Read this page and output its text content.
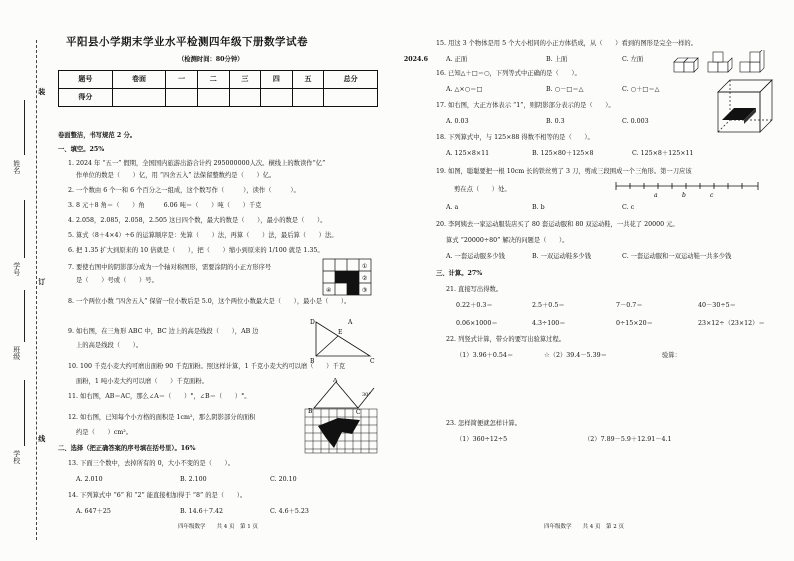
装
订
线
姓名
学号
班级
学校
平阳县小学期末学业水平检测四年级下册数学试卷
（检测时间：80分钟）	2024.6
题号	卷面	一	二	三	四	五	总分
得分							
卷面整洁，书写规范 2 分。
一、填空。25%
1. 2024 年 “五一” 假期，全国国内旅游出游合计约 295000000人次。横线上的数读作“亿”
作单位的数是（　　）亿，用 “四舍五入” 法保留整数约是（　　）亿。
2. 一个数由 6 个一和 6 个百分之一组成，这个数写作（　　　），读作（　　　）。
3. 8 元＋8 角＝（　　）角　　　6.06 吨＝（　　）吨（　　）千克
4. 2.058，2.085，2.058，2.505 这日四个数，最大的数是（　　），最小的数是（　　）。
5. 算式（8＋4×4）÷6 的运算顺序是：先算（　　）法，再算（　　）法，最后算（　　）法。
6. 把 1.35 扩大到原来的 10 倍就是（　　），把（　　）缩小到原来的 1/100 就是 1.35。
7. 要使右图中的阴影部分成为一个轴对称图形，需要涂阴的小正方形序号
是（　　）号或（　　）号。
①
②
③
④
8. 一个两位小数 “四舍五入” 保留一位小数后是 5.0，这个两位小数最大是（　　），最小是（　　）。
9. 如右图，在三角形 ABC 中，BC 边上的高是线段（　　），AB 边
上的高是线段（　　）。
D	A
B	C
E
10. 100 千克小麦大约可磨出面粉 90 千克面粉。照这样计算，1 千克小麦大约可以磨（　　）千克
面粉，1 吨小麦大约可以磨（　　）千克面粉。
11. 如右图，AB＝AC，那么∠A＝（　　）°，∠B＝（　　）°。
A
B	C
30°
12. 如右图，已知每个小方格的面积是 1cm²，那么阴影部分的面积
约是（　　）cm²。
二、选择（把正确答案的序号填在括号里）。16%
13. 下面三个数中，去掉所有的 0，大小不变的是（　　）。
A. 2.010	B. 2.100	C. 20.10
14. 下列算式中 “6” 和 “2” 能直接相加得于 “8” 的是（　　）。
A. 647＋25	B. 14.6＋7.42	C. 4.6＋5.23
四年级数学　　共 4 页　第 1 页
15. 用这 3 个物体是用 5 个大小相同的小正方体搭成，从（　　）看到的图形是完全一样的。
A. 正面	B. 上面	C. 左面
16. 已知△＋□＝○，下列等式中正确的是（　　）。
A. △×○＝□	B. ○－□＝△	C. ○＋□＝△
17. 如右图，大正方体表示 “1”，则阴影部分表示的是（　　）。
A. 0.03	B. 0.3	C. 0.003
18. 下列算式中，与 125×88 得数不相等的是（　　）。
A. 125×8×11	B. 125×80＋125×8	C. 125×8＋125×11
19. 如图，聪聪要把一根 10cm 长的铁丝剪了 3 刀，剪成三段围成一个三角形。第一刀应该
剪在点（　　）处。
a	b	c
A. a	B. b	C. c
20. 李阿姨去一家运动服装店买了 80 套运动服和 80 双运动鞋，一共花了 20000 元。
算式 “20000÷80” 解决的问题是（　　）。
A. 一套运动服多少钱	B. 一双运动鞋多少钱	C. 一套运动服和一双运动鞋一共多少钱
三、计算。27%
21. 直接写出得数。
0.22＋0.3＝	2.5＋0.5＝	7－0.7＝	40－30÷5＝
0.06×1000＝	4.3÷100＝	0÷15×20＝	23×12÷（23×12）＝
22. 列竖式计算，带☆的要写出验算过程。
（1）3.96＋0.54＝	☆（2）39.4－5.39＝	验算：
23. 怎样简便就怎样计算。
（1）360÷12÷5	（2）7.89－5.9＋12.91－4.1
四年级数学　　共 4 页　第 2 页
